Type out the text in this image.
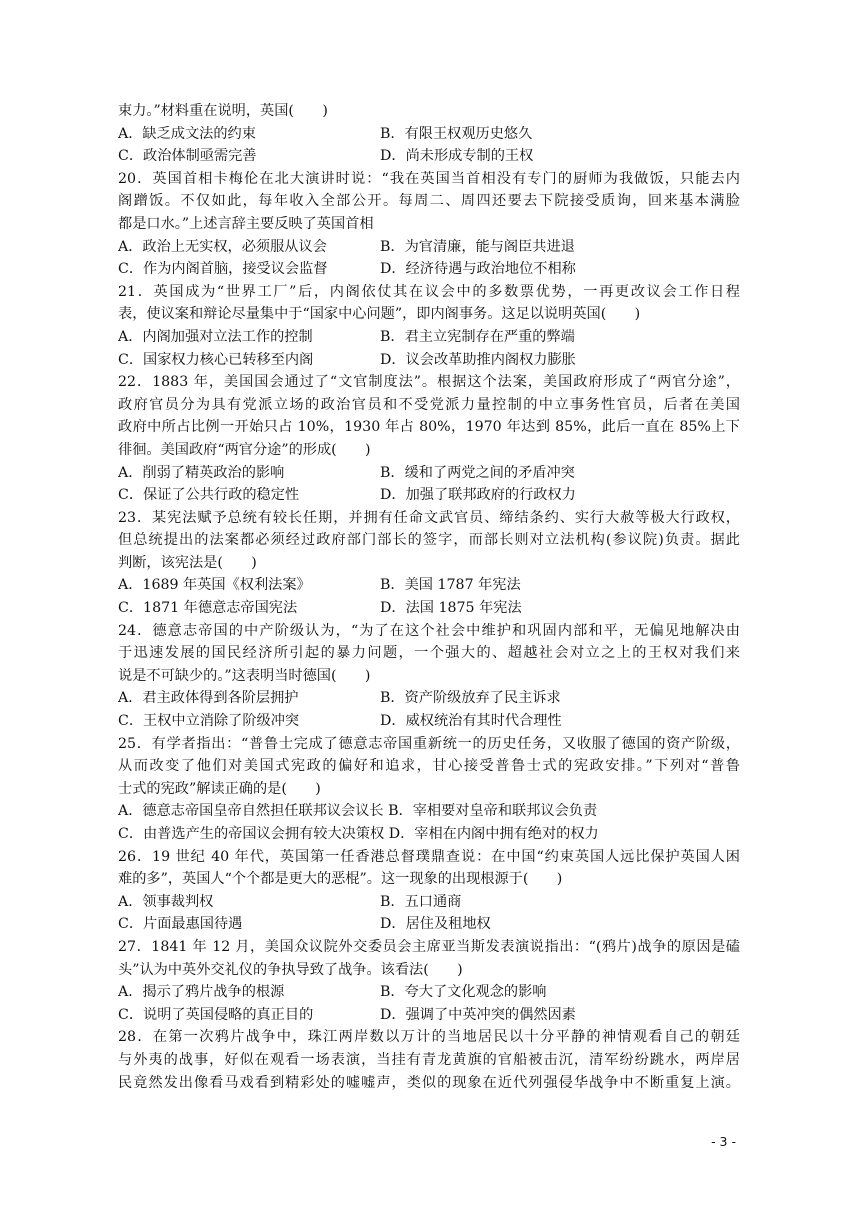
束力。”材料重在说明，英国(　　)
A．缺乏成文法的约束	B．有限王权观历史悠久
C．政治体制亟需完善	D．尚未形成专制的王权
20．英国首相卡梅伦在北大演讲时说：“我在英国当首相没有专门的厨师为我做饭，只能去内
阁蹭饭。不仅如此，每年收入全部公开。每周二、周四还要去下院接受质询，回来基本满脸
都是口水。”上述言辞主要反映了英国首相
A．政治上无实权，必须服从议会	B．为官清廉，能与阁臣共进退
C．作为内阁首脑，接受议会监督	D．经济待遇与政治地位不相称
21．英国成为“世界工厂”后，内阁依仗其在议会中的多数票优势，一再更改议会工作日程
表，使议案和辩论尽量集中于“国家中心问题”，即内阁事务。这足以说明英国(　　)
A．内阁加强对立法工作的控制	B．君主立宪制存在严重的弊端
C．国家权力核心已转移至内阁	D．议会改革助推内阁权力膨胀
22．1883 年，美国国会通过了“文官制度法”。根据这个法案，美国政府形成了“两官分途”，
政府官员分为具有党派立场的政治官员和不受党派力量控制的中立事务性官员，后者在美国
政府中所占比例一开始只占 10%，1930 年占 80%，1970 年达到 85%，此后一直在 85%上下
徘徊。美国政府“两官分途”的形成(　　)
A．削弱了精英政治的影响	B．缓和了两党之间的矛盾冲突
C．保证了公共行政的稳定性	D．加强了联邦政府的行政权力
23．某宪法赋予总统有较长任期，并拥有任命文武官员、缔结条约、实行大赦等极大行政权，
但总统提出的法案都必须经过政府部门部长的签字，而部长则对立法机构(参议院)负责。据此
判断，该宪法是(　　)
A．1689 年英国《权利法案》	B．美国 1787 年宪法
C．1871 年德意志帝国宪法	D．法国 1875 年宪法
24．德意志帝国的中产阶级认为，“为了在这个社会中维护和巩固内部和平，无偏见地解决由
于迅速发展的国民经济所引起的暴力问题，一个强大的、超越社会对立之上的王权对我们来
说是不可缺少的。”这表明当时德国(　　)
A．君主政体得到各阶层拥护	B．资产阶级放弃了民主诉求
C．王权中立消除了阶级冲突	D．威权统治有其时代合理性
25．有学者指出：“普鲁士完成了德意志帝国重新统一的历史任务，又收服了德国的资产阶级，
从而改变了他们对美国式宪政的偏好和追求，甘心接受普鲁士式的宪政安排。”下列对“普鲁
士式的宪政”解读正确的是(　　)
A．德意志帝国皇帝自然担任联邦议会议长 B．宰相要对皇帝和联邦议会负责
C．由普选产生的帝国议会拥有较大决策权 D．宰相在内阁中拥有绝对的权力
26．19 世纪 40 年代，英国第一任香港总督璞鼎查说：在中国“约束英国人远比保护英国人困
难的多”，英国人“个个都是更大的恶棍”。这一现象的出现根源于(　　)
A．领事裁判权	B．五口通商
C．片面最惠国待遇	D．居住及租地权
27．1841 年 12 月，美国众议院外交委员会主席亚当斯发表演说指出：“(鸦片)战争的原因是磕
头”认为中英外交礼仪的争执导致了战争。该看法(　　)
A．揭示了鸦片战争的根源	B．夸大了文化观念的影响
C．说明了英国侵略的真正目的	D．强调了中英冲突的偶然因素
28．在第一次鸦片战争中，珠江两岸数以万计的当地居民以十分平静的神情观看自己的朝廷
与外夷的战事，好似在观看一场表演，当挂有青龙黄旗的官船被击沉，清军纷纷跳水，两岸居
民竟然发出像看马戏看到精彩处的嘘嘘声，类似的现象在近代列强侵华战争中不断重复上演。
- 3 -
